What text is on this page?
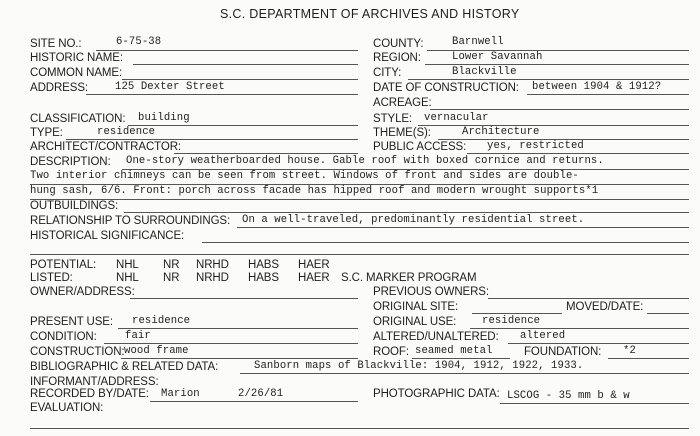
S.C. DEPARTMENT OF ARCHIVES AND HISTORY
SITE NO.:	6-75-38	COUNTY:	Barnwell
HISTORIC NAME:	REGION:	Lower Savannah
COMMON NAME:	CITY:	Blackville
ADDRESS:	125 Dexter Street	DATE OF CONSTRUCTION: between 1904 & 1912?
ACREAGE:
CLASSIFICATION: building	STYLE: vernacular
TYPE:	residence	THEME(S):	Architecture
ARCHITECT/CONTRACTOR:	PUBLIC ACCESS: yes, restricted
DESCRIPTION: One-story weatherboarded house. Gable roof with boxed cornice and returns.
Two interior chimneys can be seen from street. Windows of front and sides are double-
hung sash, 6/6. Front: porch across facade has hipped roof and modern wrought supports*1
OUTBUILDINGS:
RELATIONSHIP TO SURROUNDINGS: On a well-traveled, predominantly residential street.
HISTORICAL SIGNIFICANCE:
POTENTIAL: NHL NR NRHD HABS HAER
LISTED:	NHL NR NRHD HABS HAER S.C. MARKER PROGRAM
OWNER/ADDRESS:	PREVIOUS OWNERS:
ORIGINAL SITE:	MOVED/DATE:
PRESENT USE: residence	ORIGINAL USE: residence
CONDITION:	fair	ALTERED/UNALTERED: altered
CONSTRUCTION: wood frame	ROOF: seamed metal	FOUNDATION: *2
BIBLIOGRAPHIC & RELATED DATA:	Sanborn maps of Blackville: 1904, 1912, 1922, 1933.
INFORMANT/ADDRESS:
RECORDED BY/DATE: Marion	2/26/81	PHOTOGRAPHIC DATA: LSCOG - 35 mm b & w
EVALUATION:
